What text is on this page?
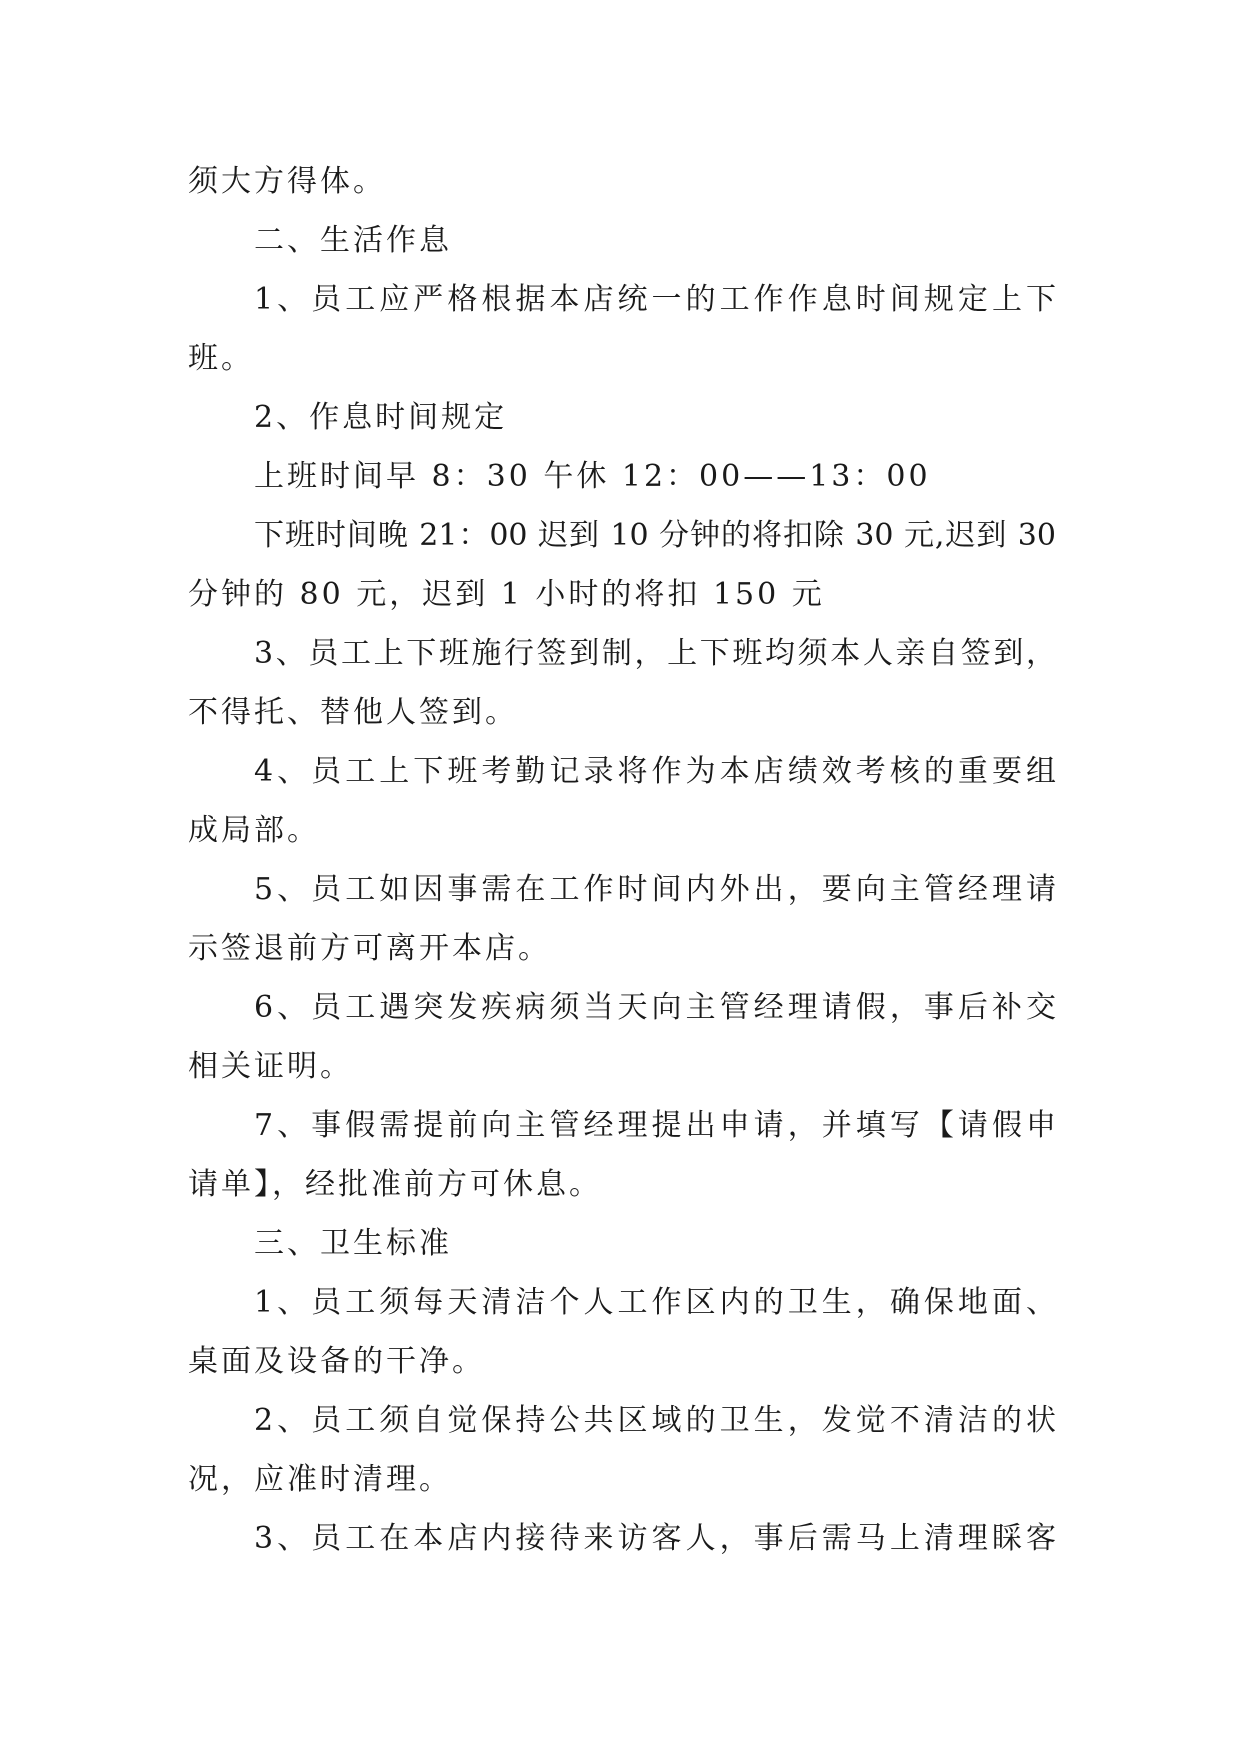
须大方得体。
二、生活作息
1、员工应严格根据本店统一的工作作息时间规定上下
班。
2、作息时间规定
上班时间早 8：30 午休 12：00——13：00
下班时间晚 21：00 迟到 10 分钟的将扣除 30 元,迟到 30
分钟的 80 元，迟到 1 小时的将扣 150 元
3、员工上下班施行签到制，上下班均须本人亲自签到，
不得托、替他人签到。
4、员工上下班考勤记录将作为本店绩效考核的重要组
成局部。
5、员工如因事需在工作时间内外出，要向主管经理请
示签退前方可离开本店。
6、员工遇突发疾病须当天向主管经理请假，事后补交
相关证明。
7、事假需提前向主管经理提出申请，并填写【请假申
请单】，经批准前方可休息。
三、卫生标准
1、员工须每天清洁个人工作区内的卫生，确保地面、
桌面及设备的干净。
2、员工须自觉保持公共区域的卫生，发觉不清洁的状
况，应准时清理。
3、员工在本店内接待来访客人，事后需马上清理睬客
